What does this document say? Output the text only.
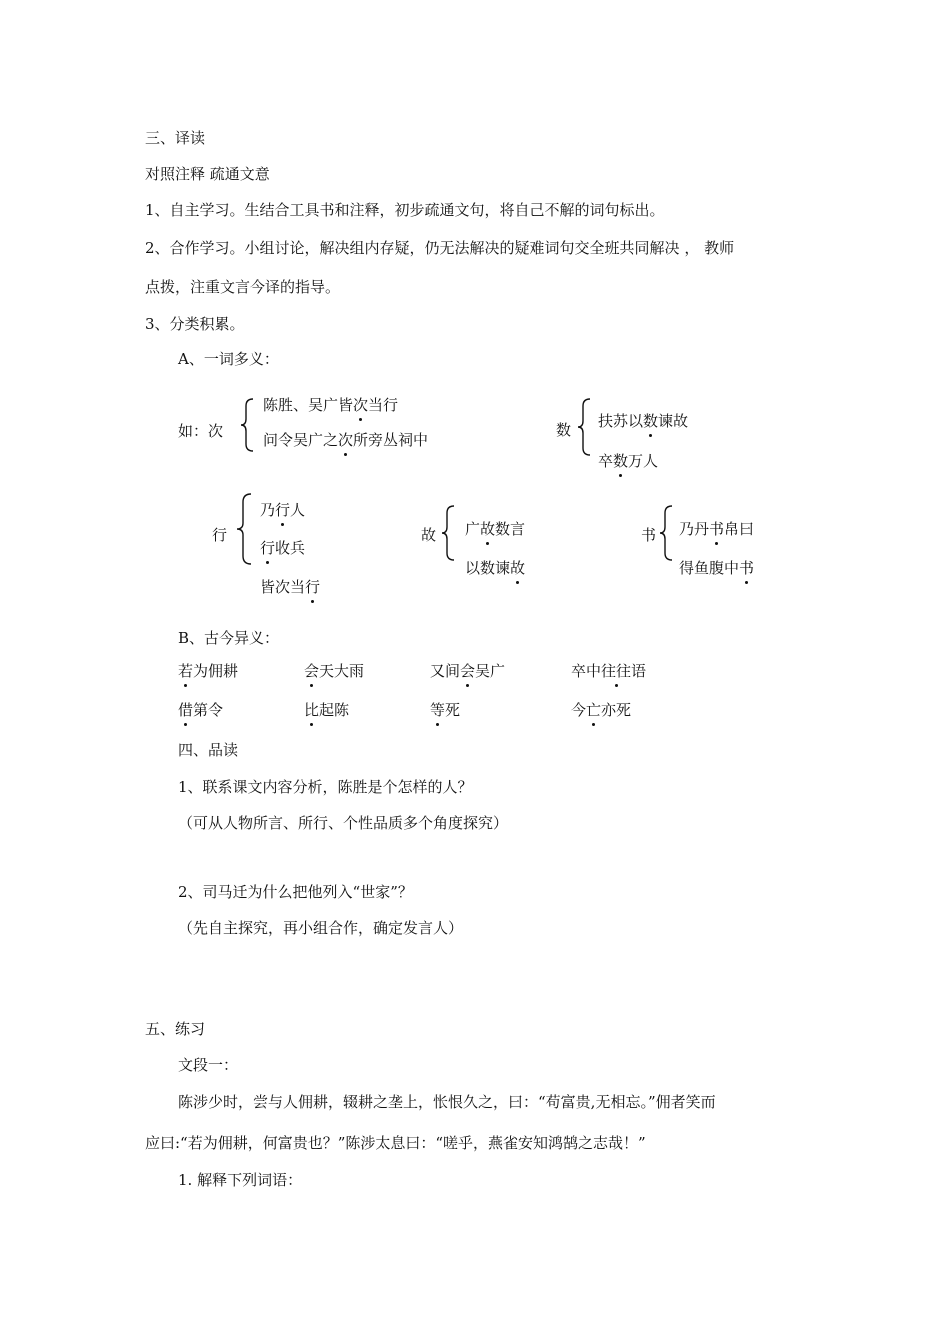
三、译读
对照注释 疏通文意
1、自主学习。生结合工具书和注释，初步疏通文句，将自己不解的词句标出。
2、合作学习。小组讨论，解决组内存疑，仍无法解决的疑难词句交全班共同解决 ， 教师
点拨，注重文言今译的指导。
3、分类积累。
A、一词多义：
如：次
陈胜、吴广皆次当行
问令吴广之次所旁丛祠中
数 扶苏以数谏故
卒数万人
行
乃行人
行收兵
皆次当行
故 广故数言
以数谏故
书 乃丹书帛曰
得鱼腹中书
B、古今异义：
若为佣耕	会天大雨	又间会吴广	卒中往往语
借第令	比起陈	等死	今亡亦死
四、品读
1、联系课文内容分析，陈胜是个怎样的人？
（可从人物所言、所行、个性品质多个角度探究）
2、司马迁为什么把他列入“世家”？
（先自主探究，再小组合作，确定发言人）
五、练习
文段一：
陈涉少时，尝与人佣耕，辍耕之垄上，怅恨久之，曰：“苟富贵,无相忘。”佣者笑而
应曰:“若为佣耕，何富贵也？”陈涉太息曰：“嗟乎，燕雀安知鸿鹄之志哉！”
1. 解释下列词语：
